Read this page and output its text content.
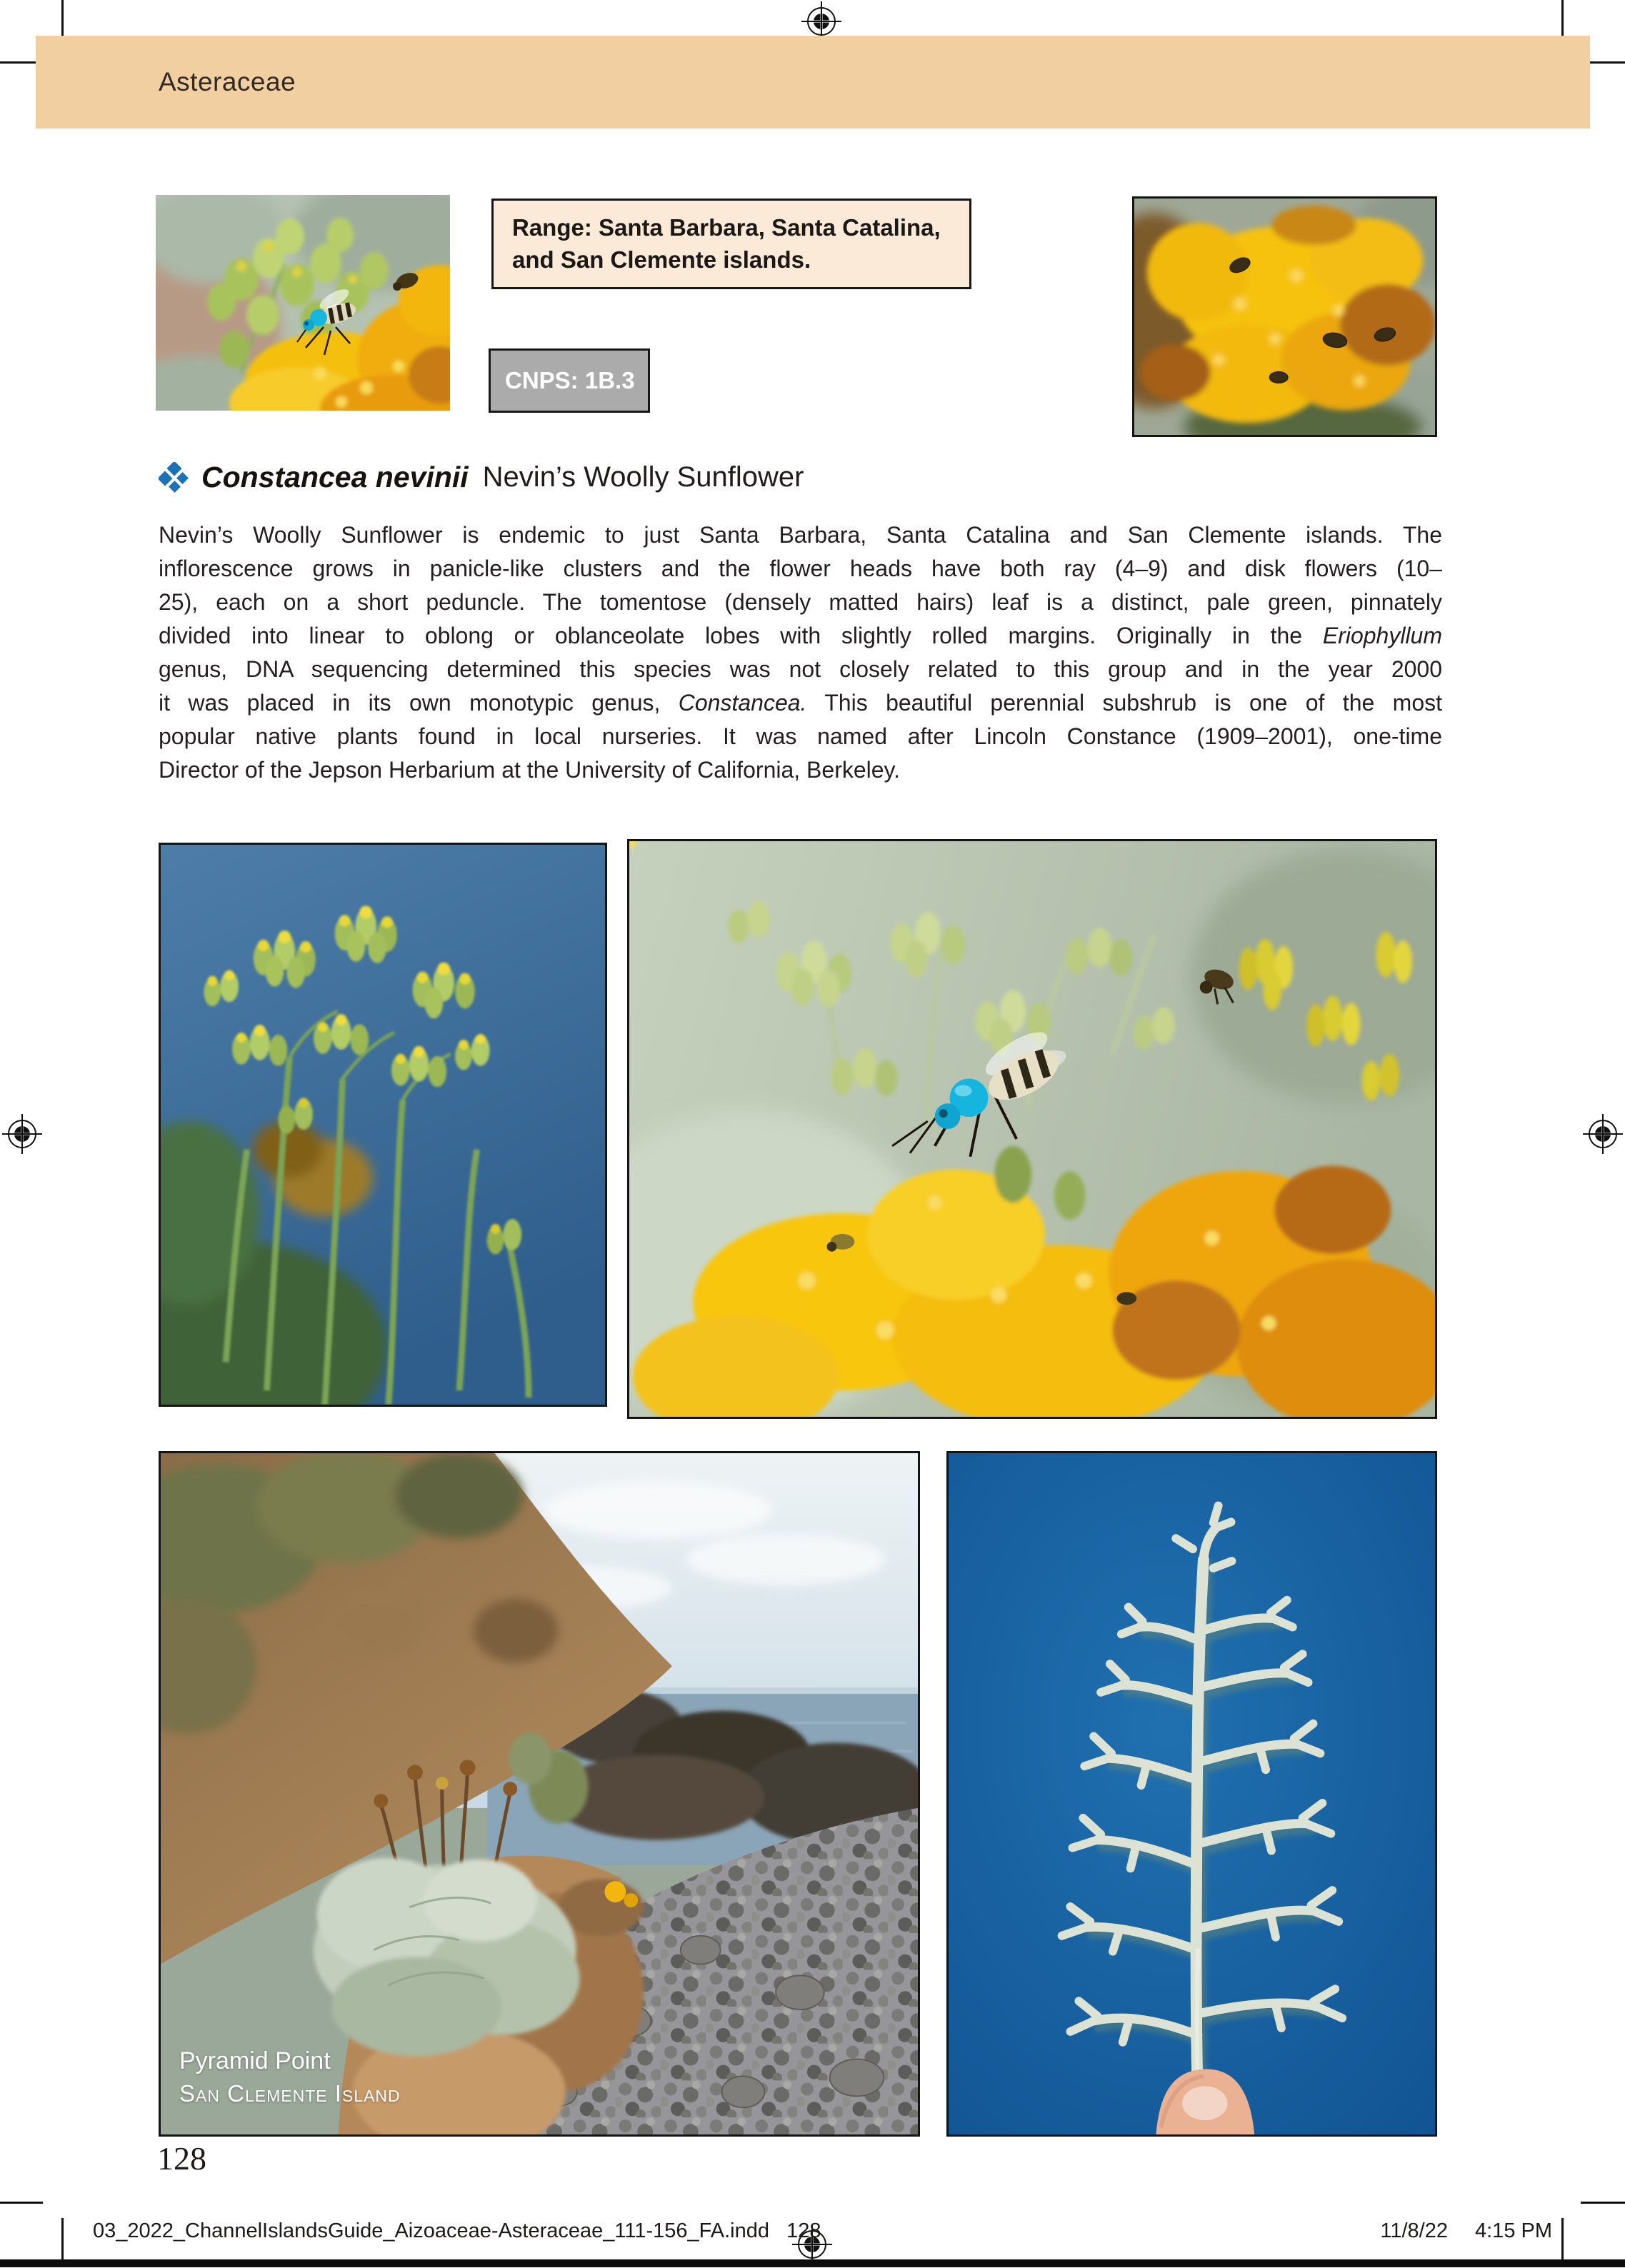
Asteraceae
Range: Santa Barbara, Santa Catalina, and San Clemente islands.
CNPS: 1B.3
Constancea nevinii Nevin’s Woolly Sunflower
Nevin’s Woolly Sunflower is endemic to just Santa Barbara, Santa Catalina and San Clemente islands. The
inflorescence grows in panicle-like clusters and the flower heads have both ray (4–9) and disk flowers (10–
25), each on a short peduncle. The tomentose (densely matted hairs) leaf is a distinct, pale green, pinnately
divided into linear to oblong or oblanceolate lobes with slightly rolled margins. Originally in the Eriophyllum
genus, DNA sequencing determined this species was not closely related to this group and in the year 2000
it was placed in its own monotypic genus, Constancea. This beautiful perennial subshrub is one of the most
popular native plants found in local nurseries. It was named after Lincoln Constance (1909–2001), one-time
Director of the Jepson Herbarium at the University of California, Berkeley.
Pyramid Point
San Clemente Island
128
03_2022_ChannelIslandsGuide_Aizoaceae-Asteraceae_111-156_FA.indd   128	11/8/22 4:15 PM
